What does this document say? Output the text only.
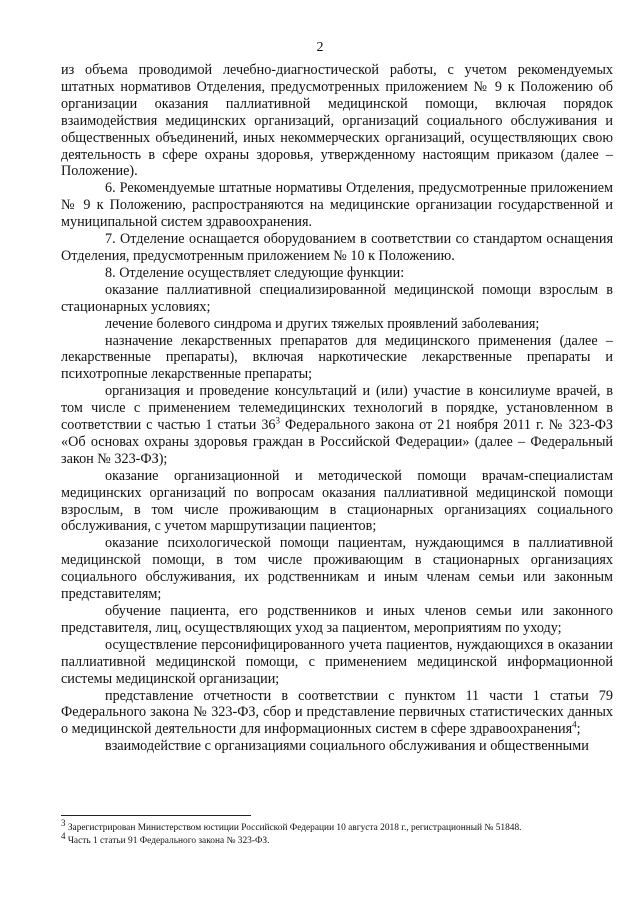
2

из объема проводимой лечебно-диагностической работы, с учетом рекомендуемых штатных нормативов Отделения, предусмотренных приложением № 9 к Положению об организации оказания паллиативной медицинской помощи, включая порядок взаимодействия медицинских организаций, организаций социального обслуживания и общественных объединений, иных некоммерческих организаций, осуществляющих свою деятельность в сфере охраны здоровья, утвержденному настоящим приказом (далее – Положение).

6. Рекомендуемые штатные нормативы Отделения, предусмотренные приложением № 9 к Положению, распространяются на медицинские организации государственной и муниципальной систем здравоохранения.

7. Отделение оснащается оборудованием в соответствии со стандартом оснащения Отделения, предусмотренным приложением № 10 к Положению.

8. Отделение осуществляет следующие функции:

оказание паллиативной специализированной медицинской помощи взрослым в стационарных условиях;

лечение болевого синдрома и других тяжелых проявлений заболевания;

назначение лекарственных препаратов для медицинского применения (далее – лекарственные препараты), включая наркотические лекарственные препараты и психотропные лекарственные препараты;

организация и проведение консультаций и (или) участие в консилиуме врачей, в том числе с применением телемедицинских технологий в порядке, установленном в соответствии с частью 1 статьи $36^3$ Федерального закона от 21 ноября 2011 г. № 323-ФЗ «Об основах охраны здоровья граждан в Российской Федерации» (далее – Федеральный закон № 323-ФЗ);

оказание организационной и методической помощи врачам-специалистам медицинских организаций по вопросам оказания паллиативной медицинской помощи взрослым, в том числе проживающим в стационарных организациях социального обслуживания, с учетом маршрутизации пациентов;

оказание психологической помощи пациентам, нуждающимся в паллиативной медицинской помощи, в том числе проживающим в стационарных организациях социального обслуживания, их родственникам и иным членам семьи или законным представителям;

обучение пациента, его родственников и иных членов семьи или законного представителя, лиц, осуществляющих уход за пациентом, мероприятиям по уходу;

осуществление персонифицированного учета пациентов, нуждающихся в оказании паллиативной медицинской помощи, с применением медицинской информационной системы медицинской организации;

представление отчетности в соответствии с пунктом 11 части 1 статьи 79 Федерального закона № 323-ФЗ, сбор и представление первичных статистических данных о медицинской деятельности для информационных систем в сфере здравоохранения$^4$;

взаимодействие с организациями социального обслуживания и общественными

$^3$ Зарегистрирован Министерством юстиции Российской Федерации 10 августа 2018 г., регистрационный № 51848.

$^4$ Часть 1 статьи 91 Федерального закона № 323-ФЗ.
